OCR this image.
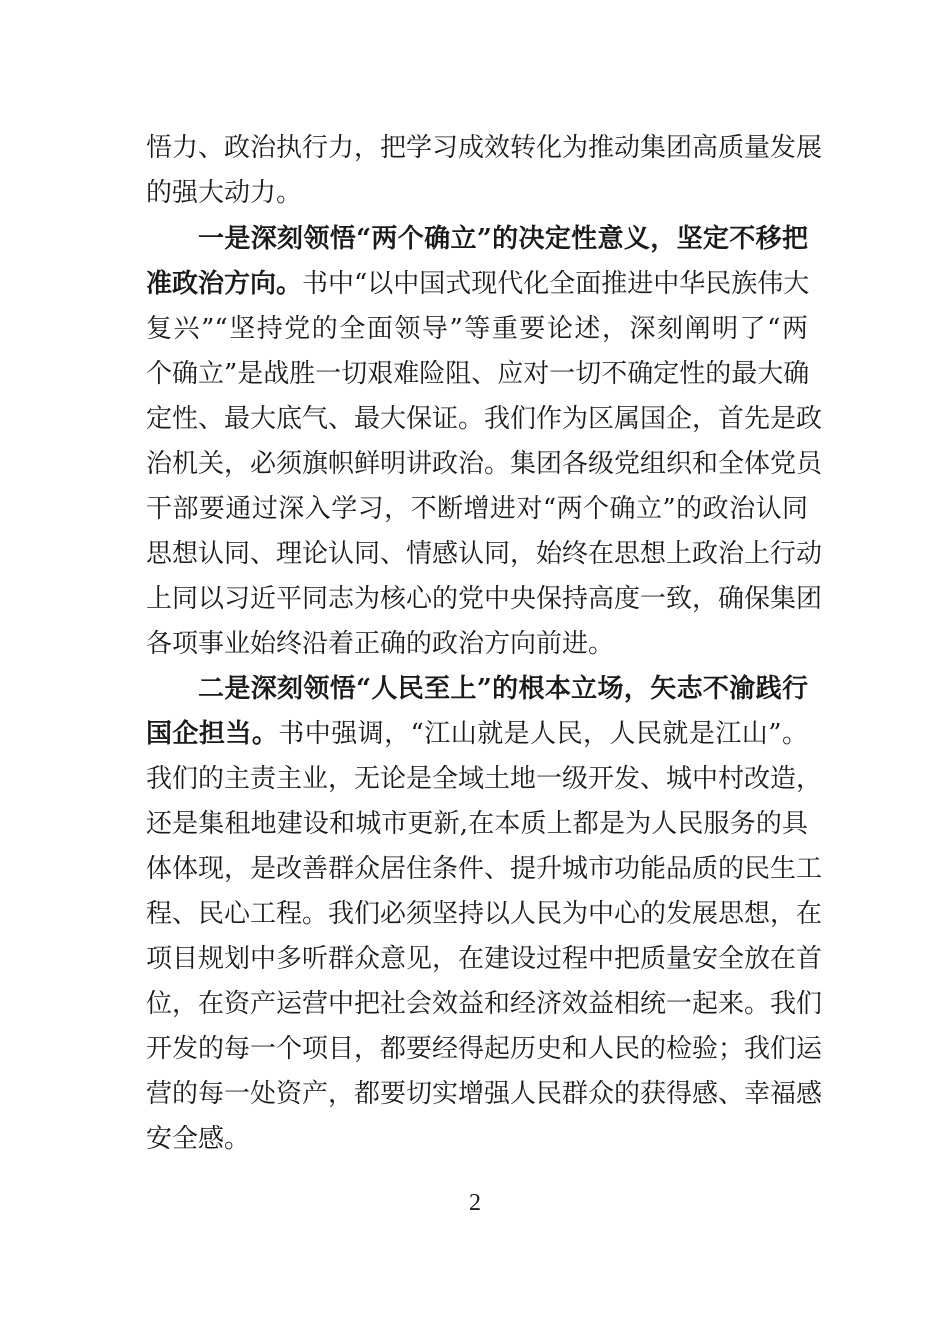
悟力、政治执行力，把学习成效转化为推动集团高质量发展
的强大动力。
一是深刻领悟“两个确立”的决定性意义，坚定不移把
准政治方向。书中“以中国式现代化全面推进中华民族伟大
复兴”“坚持党的全面领导”等重要论述，深刻阐明了“两
个确立”是战胜一切艰难险阻、应对一切不确定性的最大确
定性、最大底气、最大保证。我们作为区属国企，首先是政
治机关，必须旗帜鲜明讲政治。集团各级党组织和全体党员
干部要通过深入学习，不断增进对“两个确立”的政治认同
思想认同、理论认同、情感认同，始终在思想上政治上行动
上同以习近平同志为核心的党中央保持高度一致，确保集团
各项事业始终沿着正确的政治方向前进。
二是深刻领悟“人民至上”的根本立场，矢志不渝践行
国企担当。书中强调，“江山就是人民，人民就是江山”。
我们的主责主业，无论是全域土地一级开发、城中村改造，
还是集租地建设和城市更新,在本质上都是为人民服务的具
体体现，是改善群众居住条件、提升城市功能品质的民生工
程、民心工程。我们必须坚持以人民为中心的发展思想，在
项目规划中多听群众意见，在建设过程中把质量安全放在首
位，在资产运营中把社会效益和经济效益相统一起来。我们
开发的每一个项目，都要经得起历史和人民的检验；我们运
营的每一处资产，都要切实增强人民群众的获得感、幸福感
安全感。
2
